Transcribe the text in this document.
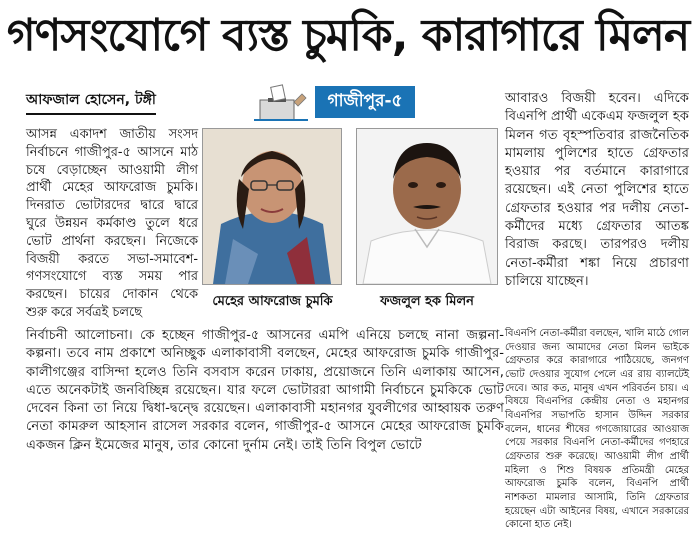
গণসংযোগে ব্যস্ত চুমকি, কারাগারে মিলন
আফজাল হোসেন, টঙ্গী	গাজীপুর-৫

আসন্ন একাদশ জাতীয় সংসদ নির্বাচনে গাজীপুর-৫ আসনে মাঠ চষে বেড়াচ্ছেন আওয়ামী লীগ প্রার্থী মেহের আফরোজ চুমকি। দিনরাত ভোটারদের দ্বারে দ্বারে ঘুরে উন্নয়ন কর্মকাণ্ড তুলে ধরে ভোট প্রার্থনা করছেন। নিজেকে বিজয়ী করতে সভা-সমাবেশ-গণসংযোগে ব্যস্ত সময় পার করছেন। চায়ের দোকান থেকে শুরু করে সর্বত্রই চলছে

মেহের আফরোজ চুমকি	ফজলুল হক মিলন

আবারও বিজয়ী হবেন। এদিকে বিএনপি প্রার্থী একেএম ফজলুল হক মিলন গত বৃহস্পতিবার রাজনৈতিক মামলায় পুলিশের হাতে গ্রেফতার হওয়ার পর বর্তমানে কারাগারে রয়েছেন। এই নেতা পুলিশের হাতে গ্রেফতার হওয়ার পর দলীয় নেতা-কর্মীদের মধ্যে গ্রেফতার আতঙ্ক বিরাজ করছে। তারপরও দলীয় নেতা-কর্মীরা শঙ্কা নিয়ে প্রচারণা চালিয়ে যাচ্ছেন।

নির্বাচনী আলোচনা। কে হচ্ছেন গাজীপুর-৫ আসনের এমপি এনিয়ে চলছে নানা জল্পনা-কল্পনা। তবে নাম প্রকাশে অনিচ্ছুক এলাকাবাসী বলছেন, মেহের আফরোজ চুমকি গাজীপুর-কালীগঞ্জের বাসিন্দা হলেও তিনি বসবাস করেন ঢাকায়, প্রয়োজনে তিনি এলাকায় আসেন, এতে অনেকটাই জনবিচ্ছিন্ন রয়েছেন। যার ফলে ভোটাররা আগামী নির্বাচনে চুমকিকে ভোট দেবেন কিনা তা নিয়ে দ্বিধা-দ্বন্দ্বে রয়েছেন। এলাকাবাসী মহানগর যুবলীগের আহ্বায়ক তরুণ নেতা কামরুল আহসান রাসেল সরকার বলেন, গাজীপুর-৫ আসনে মেহের আফরোজ চুমকি একজন ক্লিন ইমেজের মানুষ, তার কোনো দুর্নাম নেই। তাই তিনি বিপুল ভোটে

বিএনপি নেতা-কর্মীরা বলছেন, খালি মাঠে গোল দেওয়ার জন্য আমাদের নেতা মিলন ভাইকে গ্রেফতার করে কারাগারে পাঠিয়েছে, জনগণ ভোট দেওয়ার সুযোগ পেলে এর রায় ব্যালটেই দেবে। আর কত, মানুষ এখন পরিবর্তন চায়। এ বিষয়ে বিএনপির কেন্দ্রীয় নেতা ও মহানগর বিএনপির সভাপতি হাসান উদ্দিন সরকার বলেন, ধানের শীষের গণজোয়ারের আওয়াজ পেয়ে সরকার বিএনপি নেতা-কর্মীদের গণহারে গ্রেফতার শুরু করেছে। আওয়ামী লীগ প্রার্থী মহিলা ও শিশু বিষয়ক প্রতিমন্ত্রী মেহের আফরোজ চুমকি বলেন, বিএনপি প্রার্থী নাশকতা মামলার আসামি, তিনি গ্রেফতার হয়েছেন এটা আইনের বিষয়, এখানে সরকারের কোনো হাত নেই।
